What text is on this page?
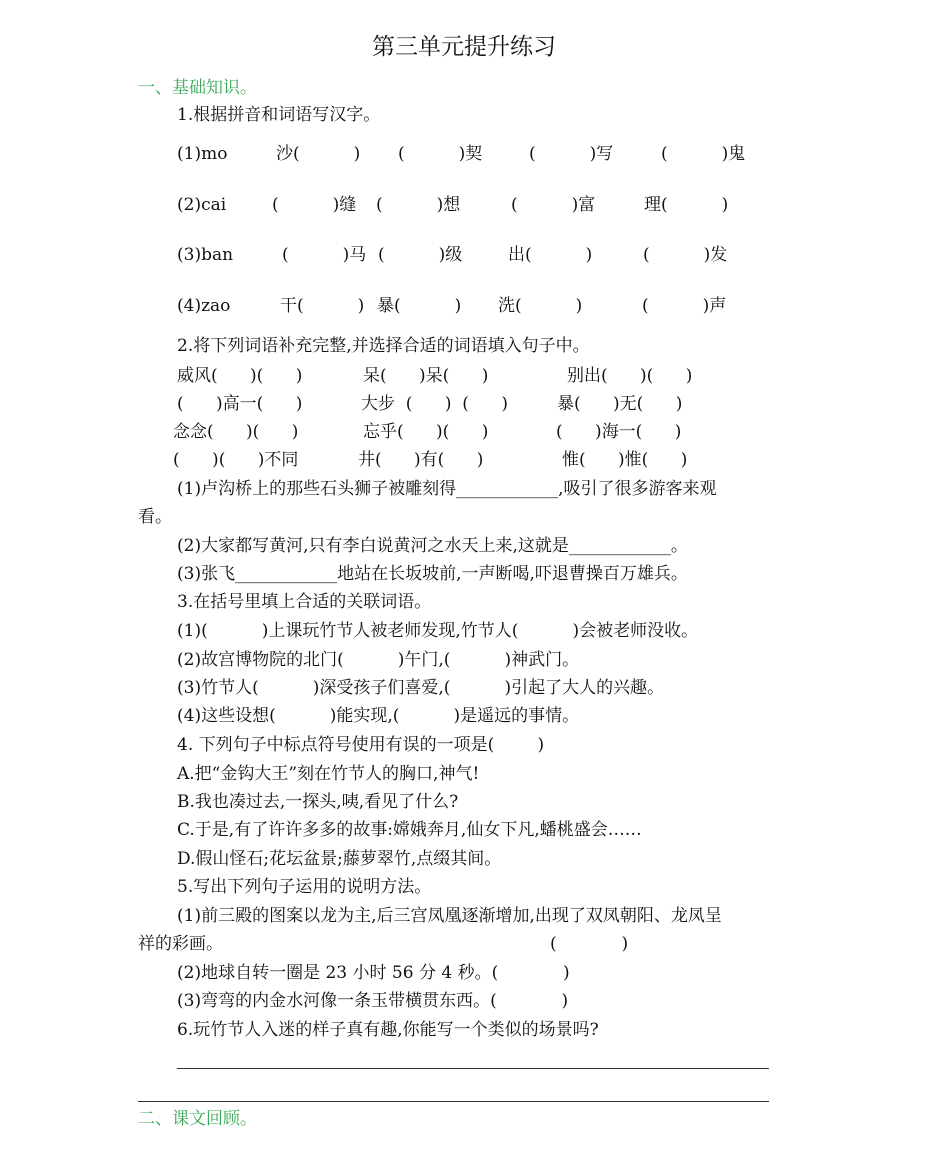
第三单元提升练习
一、基础知识。
1.根据拼音和词语写汉字。
(1)mo	沙(          ) (          )契	(          )写	(          )鬼
(2)cai	(          )缝 (          )想	(          )富	理(          )
(3)ban	(          )马 (          )级	出(          )	(          )发
(4)zao	干(          ) 暴(          ) 洗(          )	(          )声
2.将下列词语补充完整,并选择合适的词语填入句子中。
威风(      )(      )	呆(      )呆(      )	别出(      )(      )
(      )高一(      )	大步  (      )  (      )	暴(      )无(      )
念念(      )(      )	忘乎(      )(      )	(      )海一(      )
(      )(      )不同	井(      )有(      )	惟(      )惟(      )
(1)卢沟桥上的那些石头狮子被雕刻得____________,吸引了很多游客来观
看。
(2)大家都写黄河,只有李白说黄河之水天上来,这就是____________。
(3)张飞____________地站在长坂坡前,一声断喝,吓退曹操百万雄兵。
3.在括号里填上合适的关联词语。
(1)(          )上课玩竹节人被老师发现,竹节人(          )会被老师没收。
(2)故宫博物院的北门(          )午门,(          )神武门。
(3)竹节人(          )深受孩子们喜爱,(          )引起了大人的兴趣。
(4)这些设想(          )能实现,(          )是遥远的事情。
4. 下列句子中标点符号使用有误的一项是(        )
A.把“金钩大王”刻在竹节人的胸口,神气!
B.我也凑过去,一探头,咦,看见了什么?
C.于是,有了许许多多的故事:嫦娥奔月,仙女下凡,蟠桃盛会……
D.假山怪石;花坛盆景;藤萝翠竹,点缀其间。
5.写出下列句子运用的说明方法。
(1)前三殿的图案以龙为主,后三宫凤凰逐渐增加,出现了双凤朝阳、龙凤呈
祥的彩画。	(            )
(2)地球自转一圈是 23 小时 56 分 4 秒。(            )
(3)弯弯的内金水河像一条玉带横贯东西。(            )
6.玩竹节人入迷的样子真有趣,你能写一个类似的场景吗?
二、课文回顾。
